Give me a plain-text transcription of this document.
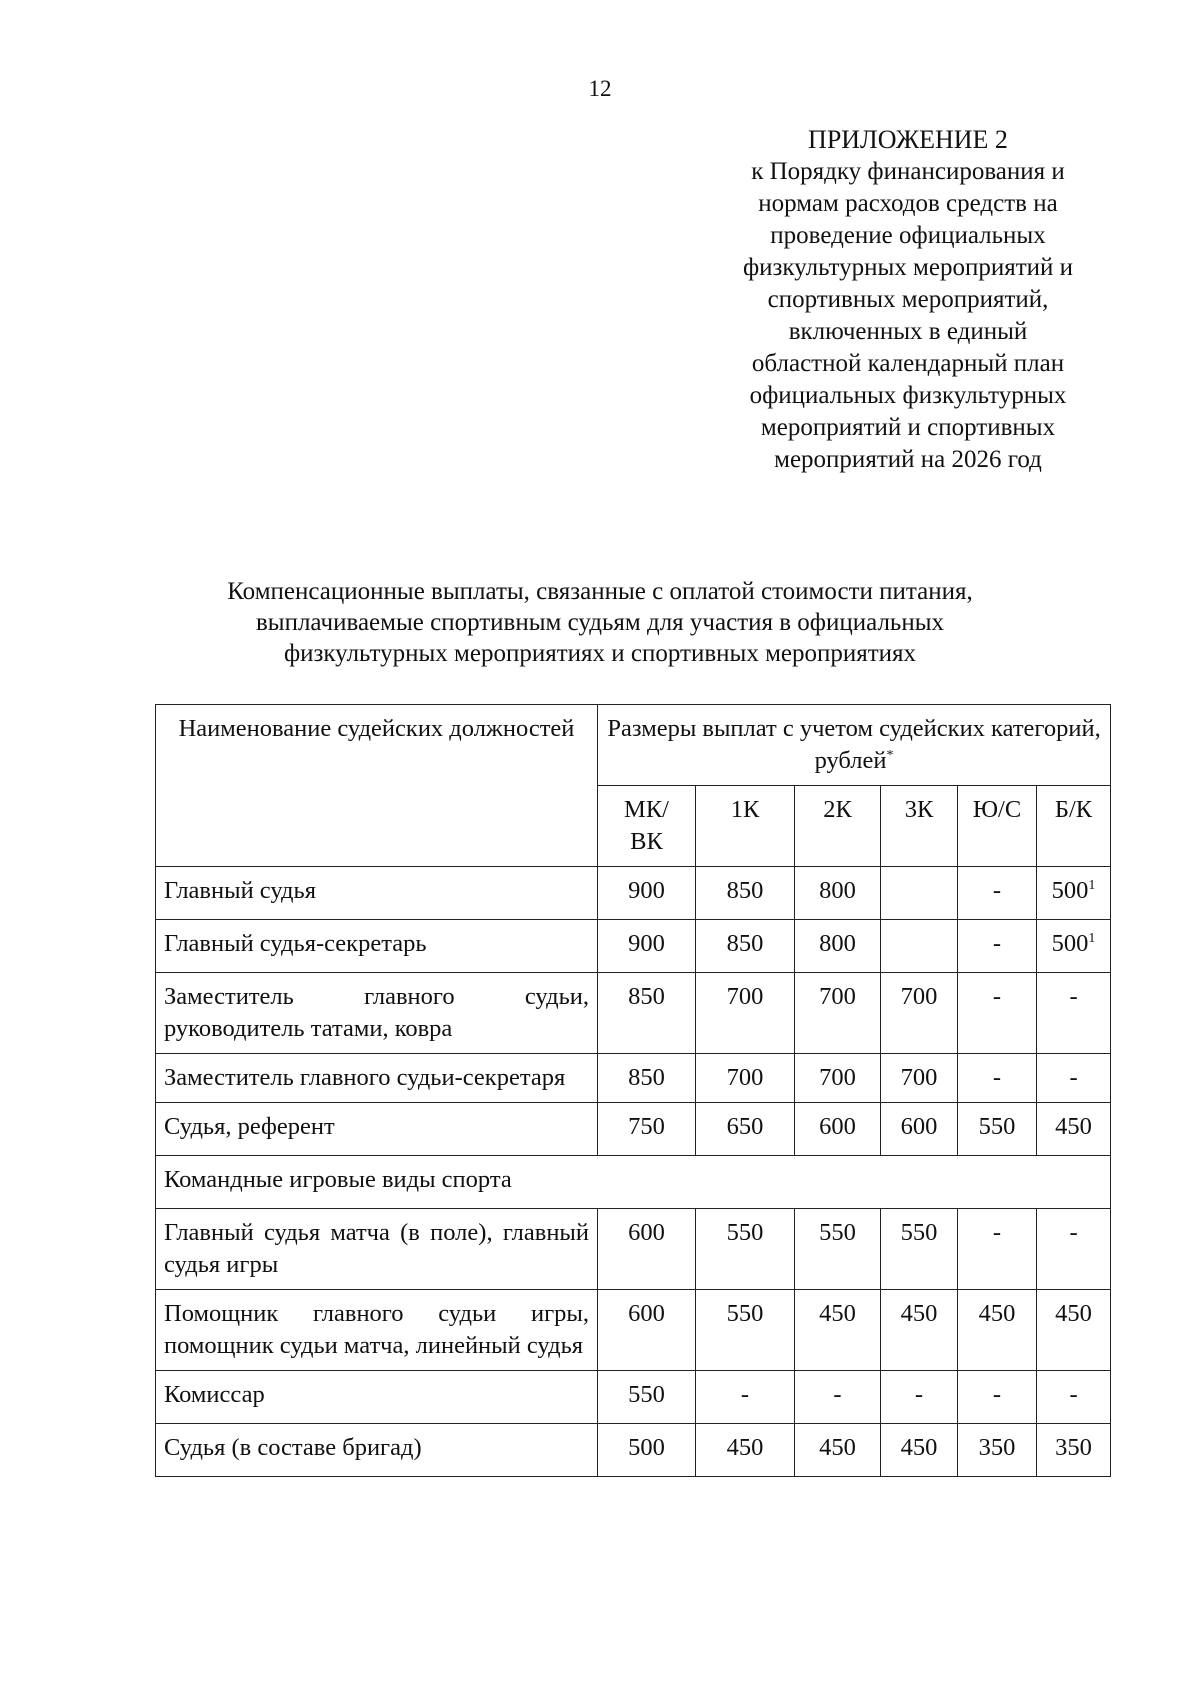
12
ПРИЛОЖЕНИЕ 2
к Порядку финансирования и
нормам расходов средств на
проведение официальных
физкультурных мероприятий и
спортивных мероприятий,
включенных в единый
областной календарный план
официальных физкультурных
мероприятий и спортивных
мероприятий на 2026 год
Компенсационные выплаты, связанные с оплатой стоимости питания,
выплачиваемые спортивным судьям для участия в официальных
физкультурных мероприятиях и спортивных мероприятиях
Наименование судейских должностей	Размеры выплат с учетом судейских категорий, рублей*
	МК/ ВК	1К	2К	3К	Ю/С	Б/К
Главный судья	900	850	800		-	$500^1$
Главный судья-секретарь	900	850	800		-	$500^1$
Заместитель главного судьи, руководитель татами, ковра	850	700	700	700	-	-
Заместитель главного судьи-секретаря	850	700	700	700	-	-
Судья, референт	750	650	600	600	550	450
Командные игровые виды спорта						
Главный судья матча (в поле), главный судья игры	600	550	550	550	-	-
Помощник главного судьи игры, помощник судьи матча, линейный судья	600	550	450	450	450	450
Комиссар	550	-	-	-	-	-
Судья (в составе бригад)	500	450	450	450	350	350
